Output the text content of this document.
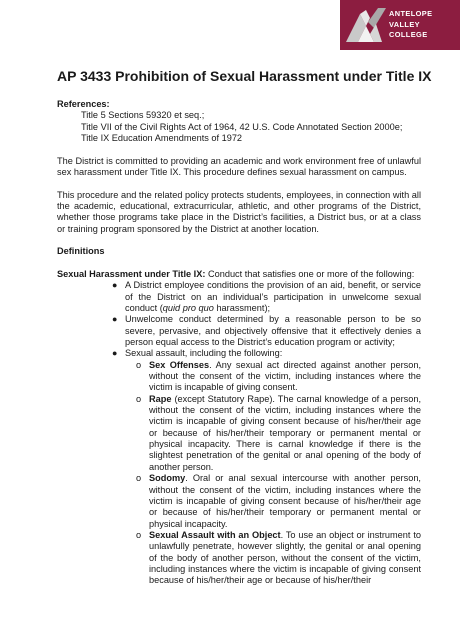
ANTELOPE
VALLEY
COLLEGE
AP 3433 Prohibition of Sexual Harassment under Title IX

References:

Title 5 Sections 59320 et seq.;

Title VII of the Civil Rights Act of 1964, 42 U.S. Code Annotated Section 2000e;

Title IX Education Amendments of 1972

The District is committed to providing an academic and work environment free of unlawful sex harassment under Title IX. This procedure defines sexual harassment on campus.

This procedure and the related policy protects students, employees, in connection with all the academic, educational, extracurricular, athletic, and other programs of the District, whether those programs take place in the District’s facilities, a District bus, or at a class or training program sponsored by the District at another location.

Definitions

Sexual Harassment under Title IX: Conduct that satisfies one or more of the following:

● A District employee conditions the provision of an aid, benefit, or service of the District on an individual’s participation in unwelcome sexual conduct (quid pro quo harassment);
● Unwelcome conduct determined by a reasonable person to be so severe, pervasive, and objectively offensive that it effectively denies a person equal access to the District’s education program or activity;
● Sexual assault, including the following:
o Sex Offenses. Any sexual act directed against another person, without the consent of the victim, including instances where the victim is incapable of giving consent.
o Rape (except Statutory Rape). The carnal knowledge of a person, without the consent of the victim, including instances where the victim is incapable of giving consent because of his/her/their age or because of his/her/their temporary or permanent mental or physical incapacity. There is carnal knowledge if there is the slightest penetration of the genital or anal opening of the body of another person.
o Sodomy. Oral or anal sexual intercourse with another person, without the consent of the victim, including instances where the victim is incapable of giving consent because of his/her/their age or because of his/her/their temporary or permanent mental or physical incapacity.
o Sexual Assault with an Object. To use an object or instrument to unlawfully penetrate, however slightly, the genital or anal opening of the body of another person, without the consent of the victim, including instances where the victim is incapable of giving consent because of his/her/their age or because of his/her/their
